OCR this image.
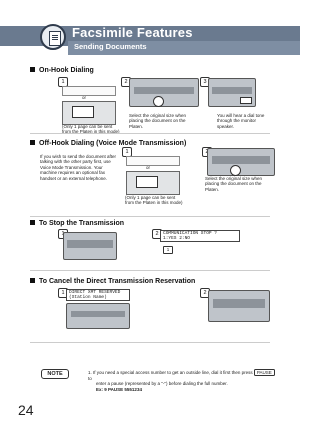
Facsimile Features
Sending Documents
On-Hook Dialing
1	2	3
or
(Only 1 page can be sent from the Platen in this mode)
Select the original size when placing the document on the Platen.
You will hear a dial tone through the monitor speaker.
Off-Hook Dialing (Voice Mode Transmission)
If you wish to send the document after talking with the other party first, use Voice Mode Transmission. Your machine requires an optional fax handset or an external telephone.
1
or
(Only 1 page can be sent from the Platen in this mode)
Select the original size when placing the document on the Platen.
To Stop the Transmission
2 COMMUNICATION STOP ?
1:YES 2:NO
1
To Cancel the Direct Transmission Reservation
1	2
DIRECT XMT RESERVED
(Station Name)
NOTE	1. If you need a special access number to get an outside line, dial it first then press PAUSE to
enter a pause (represented by a "-") before dialing the full number.
Ex: 9 PAUSE 5551234
24
